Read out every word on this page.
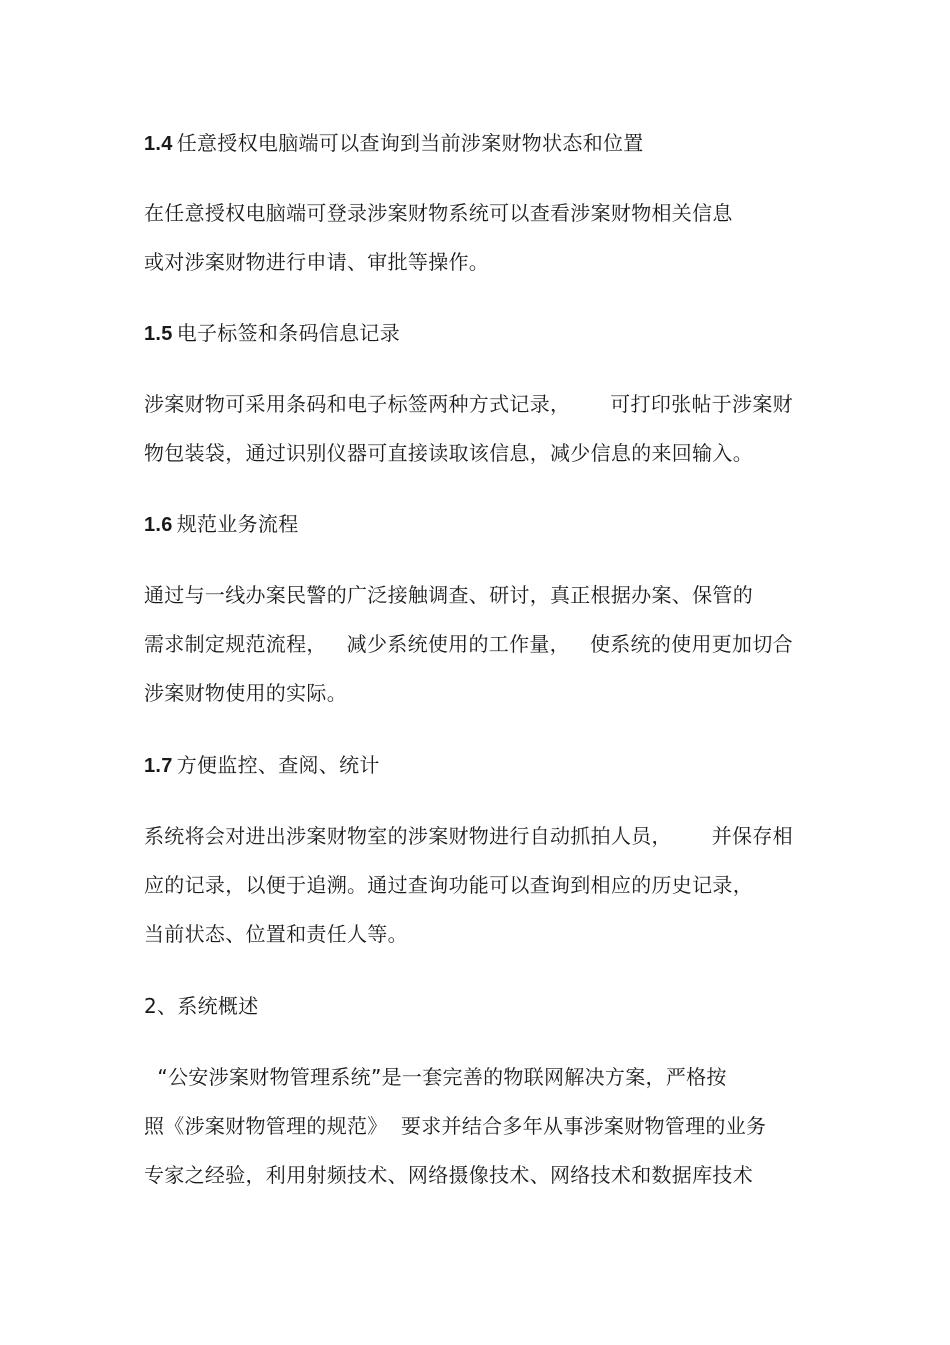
1.4 任意授权电脑端可以查询到当前涉案财物状态和位置
在任意授权电脑端可登录涉案财物系统可以查看涉案财物相关信息
或对涉案财物进行申请、审批等操作。
1.5 电子标签和条码信息记录
涉案财物可采用条码和电子标签两种方式记录，      可打印张帖于涉案财
物包装袋，通过识别仪器可直接读取该信息，减少信息的来回输入。
1.6 规范业务流程
通过与一线办案民警的广泛接触调查、研讨，真正根据办案、保管的
需求制定规范流程，   减少系统使用的工作量，   使系统的使用更加切合
涉案财物使用的实际。
1.7 方便监控、查阅、统计
系统将会对进出涉案财物室的涉案财物进行自动抓拍人员，      并保存相
应的记录，以便于追溯。通过查询功能可以查询到相应的历史记录，
当前状态、位置和责任人等。
2、系统概述
“公安涉案财物管理系统”是一套完善的物联网解决方案，严格按
照《涉案财物管理的规范》  要求并结合多年从事涉案财物管理的业务
专家之经验，利用射频技术、网络摄像技术、网络技术和数据库技术
